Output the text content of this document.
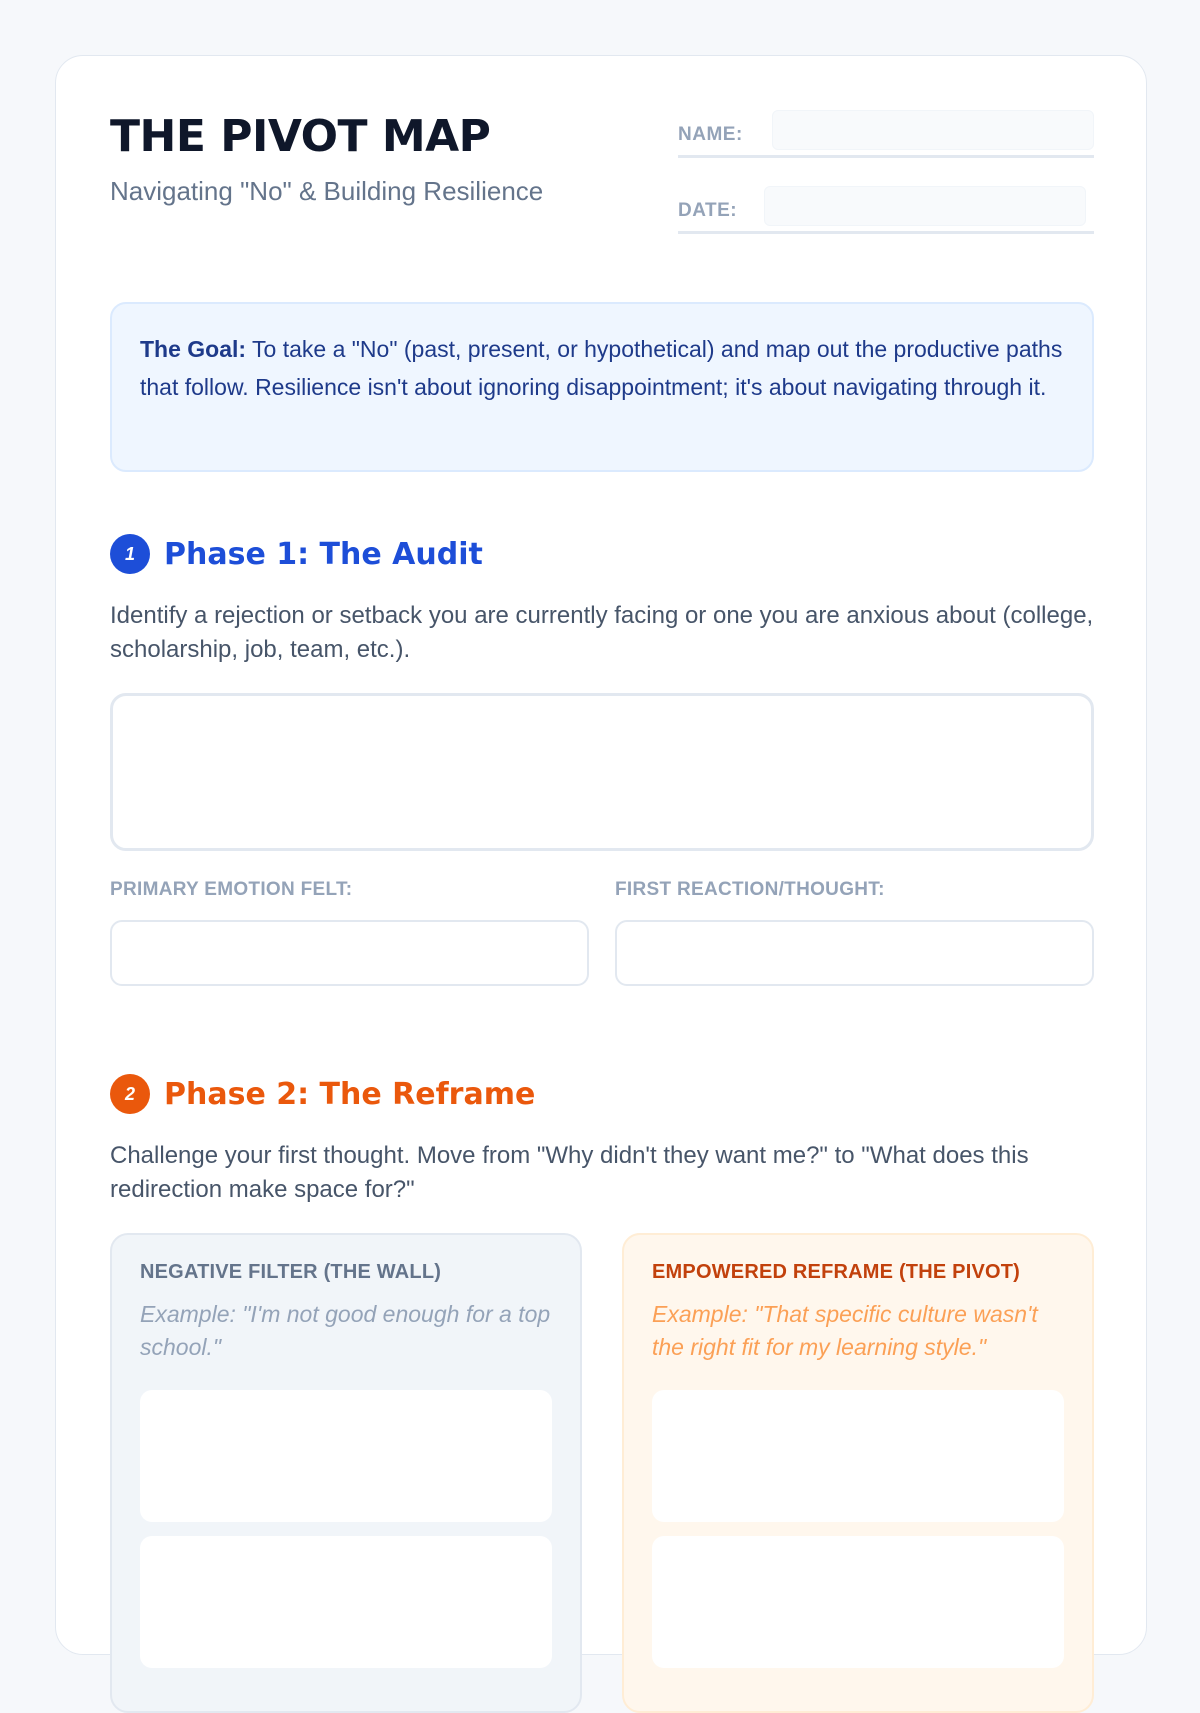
THE PIVOT MAP
Navigating "No" & Building Resilience
NAME:
DATE:
The Goal: To take a "No" (past, present, or hypothetical) and map out the productive paths that follow. Resilience isn't about ignoring disappointment; it's about navigating through it.
1 Phase 1: The Audit

Identify a rejection or setback you are currently facing or one you are anxious about (college, scholarship, job, team, etc.).

PRIMARY EMOTION FELT:	FIRST REACTION/THOUGHT:
2 Phase 2: The Reframe

Challenge your first thought. Move from "Why didn't they want me?" to "What does this redirection make space for?"

NEGATIVE FILTER (THE WALL)
Example: "I'm not good enough for a top school."
EMPOWERED REFRAME (THE PIVOT)
Example: "That specific culture wasn't the right fit for my learning style."
